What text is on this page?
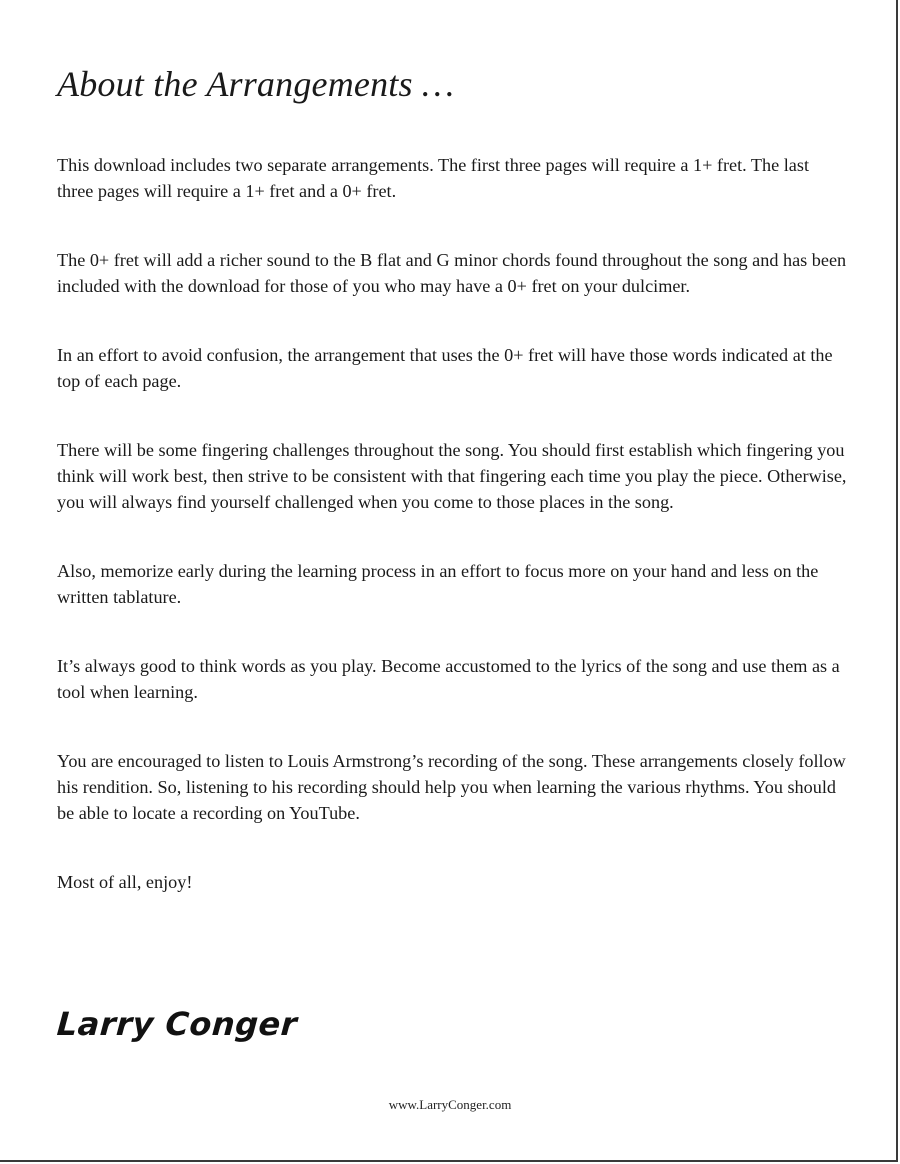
About the Arrangements …

This download includes two separate arrangements. The first three pages will require a 1+ fret. The last three pages will require a 1+ fret and a 0+ fret.

The 0+ fret will add a richer sound to the B flat and G minor chords found throughout the song and has been included with the download for those of you who may have a 0+ fret on your dulcimer.

In an effort to avoid confusion, the arrangement that uses the 0+ fret will have those words indicated at the top of each page.

There will be some fingering challenges throughout the song. You should first establish which fingering you think will work best, then strive to be consistent with that fingering each time you play the piece. Otherwise, you will always find yourself challenged when you come to those places in the song.

Also, memorize early during the learning process in an effort to focus more on your hand and less on the written tablature.

It’s always good to think words as you play. Become accustomed to the lyrics of the song and use them as a tool when learning.

You are encouraged to listen to Louis Armstrong’s recording of the song. These arrangements closely follow his rendition. So, listening to his recording should help you when learning the various rhythms. You should be able to locate a recording on YouTube.

Most of all, enjoy!

Larry Conger
www.LarryConger.com
